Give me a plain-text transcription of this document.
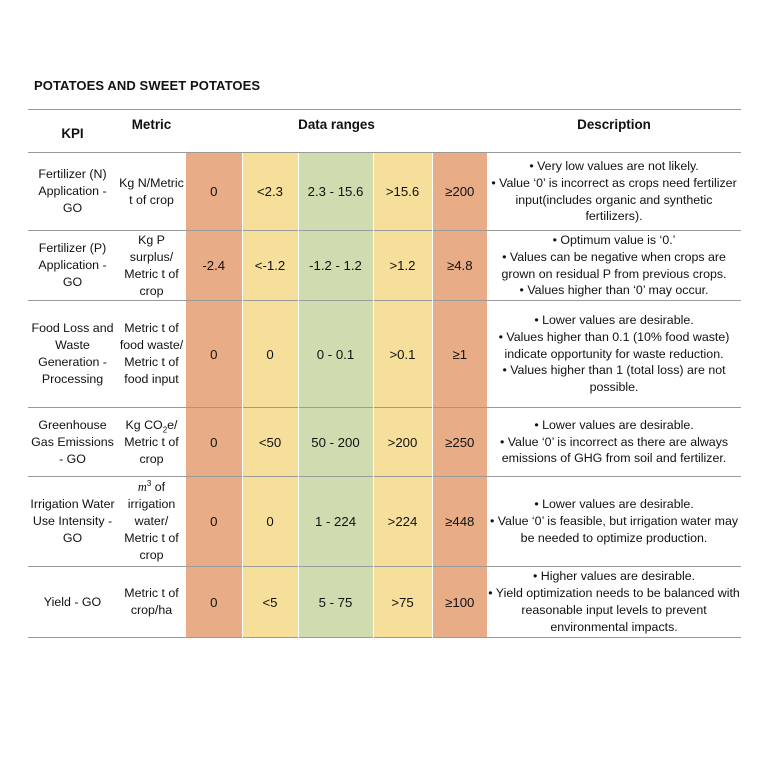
POTATOES AND SWEET POTATOES
KPI	Metric	Data ranges					Description
Fertilizer (N) Application - GO	Kg N/Metric t of crop	0	<2.3	2.3 - 15.6	>15.6	≥200	• Very low values are not likely.
• Value ‘0’ is incorrect as crops need fertilizer input(includes organic and synthetic fertilizers).

Fertilizer (P) Application - GO	Kg P surplus/ Metric t of crop	-2.4	<-1.2	-1.2 - 1.2	>1.2	≥4.8	• Optimum value is ‘0.’
• Values can be negative when crops are grown on residual P from previous crops.
• Values higher than ‘0’ may occur.

Food Loss and Waste Generation - Processing	Metric t of food waste/ Metric t of food input	0	0	0 - 0.1	>0.1	≥1	• Lower values are desirable.
• Values higher than 0.1 (10% food waste) indicate opportunity for waste reduction.
• Values higher than 1 (total loss) are not possible.

Greenhouse Gas Emissions - GO	Kg $CO_2e/$ Metric t of crop	0	<50	50 - 200	>200	≥250	• Lower values are desirable.
• Value ‘0’ is incorrect as there are always emissions of GHG from soil and fertilizer.

Irrigation Water Use Intensity - GO	$m^3$ of irrigation water/ Metric t of crop	0	0	1 - 224	>224	≥448	• Lower values are desirable.
• Value ‘0’ is feasible, but irrigation water may be needed to optimize production.

Yield - GO	Metric t of crop/ha	0	<5	5 - 75	>75	≥100	• Higher values are desirable.
• Yield optimization needs to be balanced with reasonable input levels to prevent environmental impacts.
